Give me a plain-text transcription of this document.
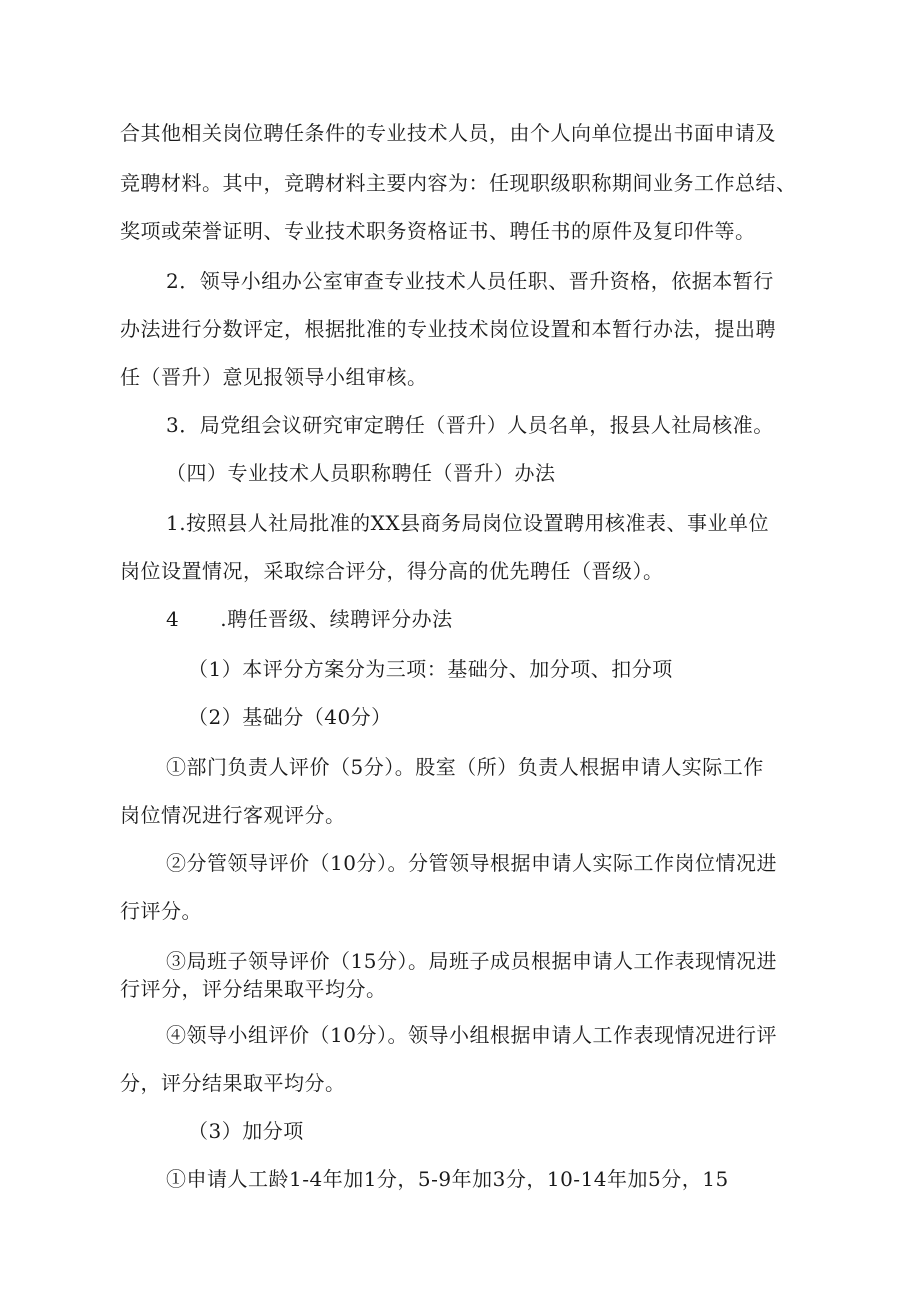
合其他相关岗位聘任条件的专业技术人员，由个人向单位提出书面申请及

竞聘材料。其中，竞聘材料主要内容为：任现职级职称期间业务工作总结、

奖项或荣誉证明、专业技术职务资格证书、聘任书的原件及复印件等。

2．领导小组办公室审查专业技术人员任职、晋升资格，依据本暂行

办法进行分数评定，根据批准的专业技术岗位设置和本暂行办法，提出聘

任（晋升）意见报领导小组审核。

3．局党组会议研究审定聘任（晋升）人员名单，报县人社局核准。

（四）专业技术人员职称聘任（晋升）办法

1.按照县人社局批准的XX县商务局岗位设置聘用核准表、事业单位

岗位设置情况，采取综合评分，得分高的优先聘任（晋级）。

4　　.聘任晋级、续聘评分办法

（1）本评分方案分为三项：基础分、加分项、扣分项

（2）基础分（40分）

①部门负责人评价（5分）。股室（所）负责人根据申请人实际工作

岗位情况进行客观评分。

②分管领导评价（10分）。分管领导根据申请人实际工作岗位情况进

行评分。

③局班子领导评价（15分）。局班子成员根据申请人工作表现情况进

行评分，评分结果取平均分。

④领导小组评价（10分）。领导小组根据申请人工作表现情况进行评

分，评分结果取平均分。

（3）加分项

①申请人工龄1-4年加1分，5-9年加3分，10-14年加5分，15
